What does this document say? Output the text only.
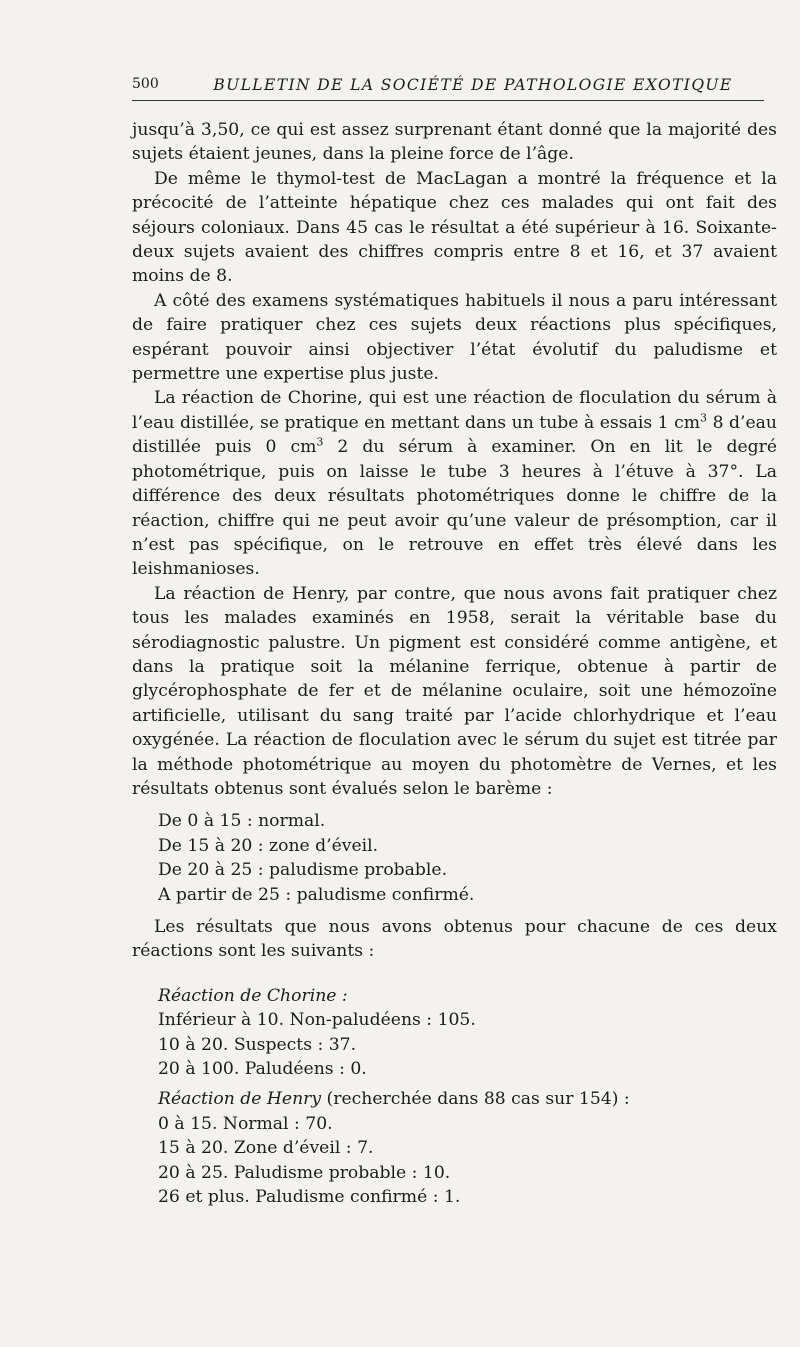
500	BULLETIN DE LA SOCIÉTÉ DE PATHOLOGIE EXOTIQUE

jusqu’à 3,50, ce qui est assez surprenant étant donné que la majorité des sujets étaient jeunes, dans la pleine force de l’âge.

De même le thymol-test de MacLagan a montré la fréquence et la précocité de l’atteinte hépatique chez ces malades qui ont fait des séjours coloniaux. Dans 45 cas le résultat a été supérieur à 16. Soixante-deux sujets avaient des chiffres compris entre 8 et 16, et 37 avaient moins de 8.

A côté des examens systématiques habituels il nous a paru intéressant de faire pratiquer chez ces sujets deux réactions plus spécifiques, espérant pouvoir ainsi objectiver l’état évolutif du paludisme et permettre une expertise plus juste.

La réaction de Chorine, qui est une réaction de floculation du sérum à l’eau distillée, se pratique en mettant dans un tube à essais 1 $cm^3$ 8 d’eau distillée puis 0 $cm^3$ 2 du sérum à examiner. On en lit le degré photométrique, puis on laisse le tube 3 heures à l’étuve à 37°. La différence des deux résultats photométriques donne le chiffre de la réaction, chiffre qui ne peut avoir qu’une valeur de présomption, car il n’est pas spécifique, on le retrouve en effet très élevé dans les leishmanioses.

La réaction de Henry, par contre, que nous avons fait pratiquer chez tous les malades examinés en 1958, serait la véritable base du sérodiagnostic palustre. Un pigment est considéré comme antigène, et dans la pratique soit la mélanine ferrique, obtenue à partir de glycérophosphate de fer et de mélanine oculaire, soit une hémozoïne artificielle, utilisant du sang traité par l’acide chlorhydrique et l’eau oxygénée. La réaction de floculation avec le sérum du sujet est titrée par la méthode photométrique au moyen du photomètre de Vernes, et les résultats obtenus sont évalués selon le barème :

De 0 à 15 : normal.
De 15 à 20 : zone d’éveil.
De 20 à 25 : paludisme probable.
A partir de 25 : paludisme confirmé.

Les résultats que nous avons obtenus pour chacune de ces deux réactions sont les suivants :

Réaction de Chorine :

Inférieur à 10. Non-paludéens : 105.
10 à 20. Suspects : 37.
20 à 100. Paludéens : 0.

Réaction de Henry (recherchée dans 88 cas sur 154) :

0 à 15. Normal : 70.
15 à 20. Zone d’éveil : 7.
20 à 25. Paludisme probable : 10.
26 et plus. Paludisme confirmé : 1.
